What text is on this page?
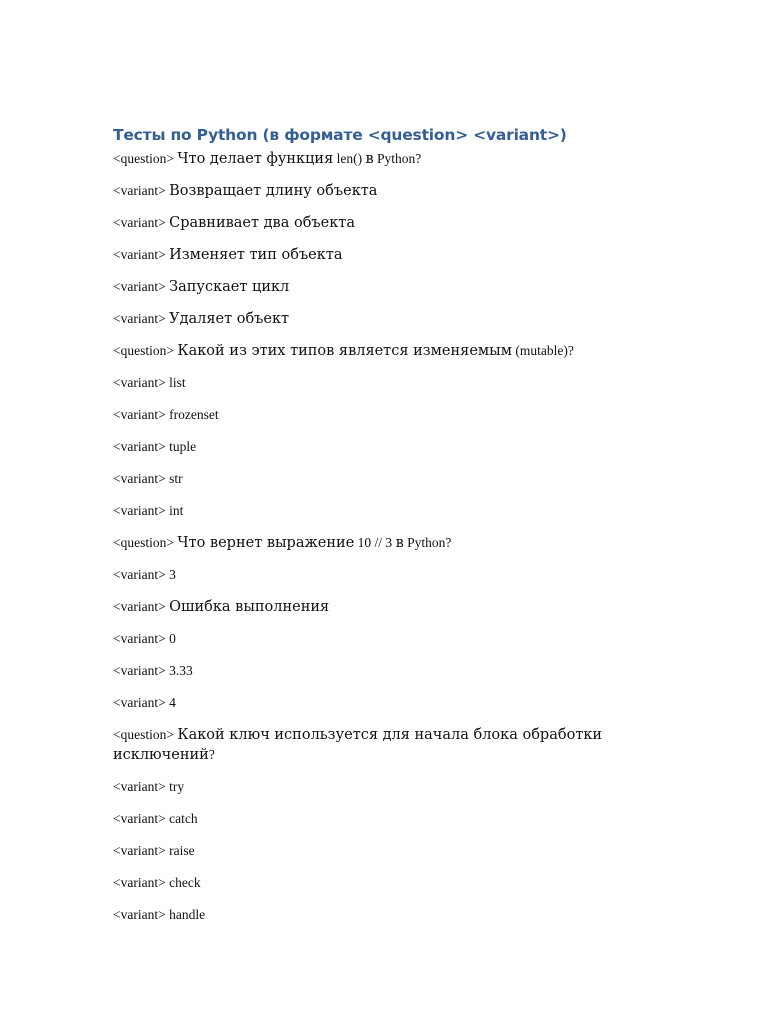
Тесты по Python (в формате <question> <variant>)
<question> Что делает функция len() в Python?
<variant> Возвращает длину объекта
<variant> Сравнивает два объекта
<variant> Изменяет тип объекта
<variant> Запускает цикл
<variant> Удаляет объект
<question> Какой из этих типов является изменяемым (mutable)?
<variant> list
<variant> frozenset
<variant> tuple
<variant> str
<variant> int
<question> Что вернет выражение 10 // 3 в Python?
<variant> 3
<variant> Ошибка выполнения
<variant> 0
<variant> 3.33
<variant> 4
<question> Какой ключ используется для начала блока обработки исключений?
<variant> try
<variant> catch
<variant> raise
<variant> check
<variant> handle
